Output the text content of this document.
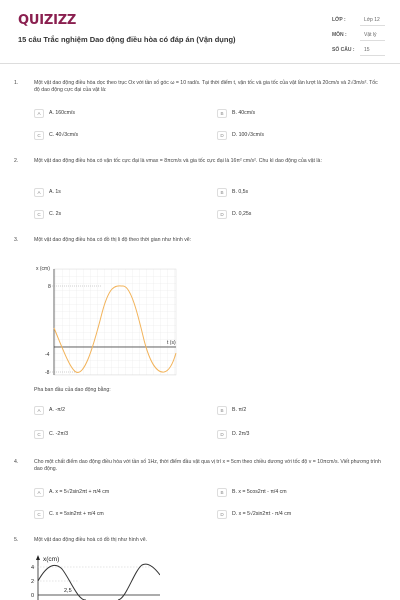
QUIZIZZ
15 câu Trắc nghiệm Dao động điều hòa có đáp án (Vận dụng)
LỚP :	Lớp 12
MÔN :	Vật lý
SỐ CÂU : 15
1.	Một vật dao động điều hòa dọc theo trục Ox với tần số góc ω = 10 rad/s. Tại thời điểm t, vận tốc và gia tốc của vật lần lượt là 20cm/s và 2√3m/s². Tốc độ dao động cực đại của vật là:
A	A. 160cm/s	B	B. 40cm/s
C	C. 40√3cm/s	D	D. 100√3cm/s
2.	Một vật dao động điều hòa có vận tốc cực đại là vmax = 8πcm/s và gia tốc cực đại là 16π² cm/s². Chu kì dao động của vật là:
A	A. 1s	B	B. 0,5s
C	C. 2s	D	D. 0,25s
3.	Một vật dao động điều hòa có đồ thị li độ theo thời gian như hình vẽ:
x (cm)
t (s)
8
-4
-8
Pha ban đầu của dao động bằng:
A	A. -π/2	B	B. π/2
C	C. -2π/3	D	D. 2π/3
4.	Cho một chất điểm dao động điều hòa với tần số 1Hz, thời điểm đầu vật qua vị trí x = 5cm theo chiều dương với tốc độ v = 10πcm/s. Viết phương trình dao động.
A	A. x = 5√2sin2πt + π/4 cm	B	B. x = 5cos2πt - π/4 cm
C	C. x = 5sin2πt + π/4 cm	D	D. x = 5√2sin2πt - π/4 cm
5.	Một vật dao động điều hoà có đồ thị như hình vẽ.
x(cm)
4
2
0
2,5
